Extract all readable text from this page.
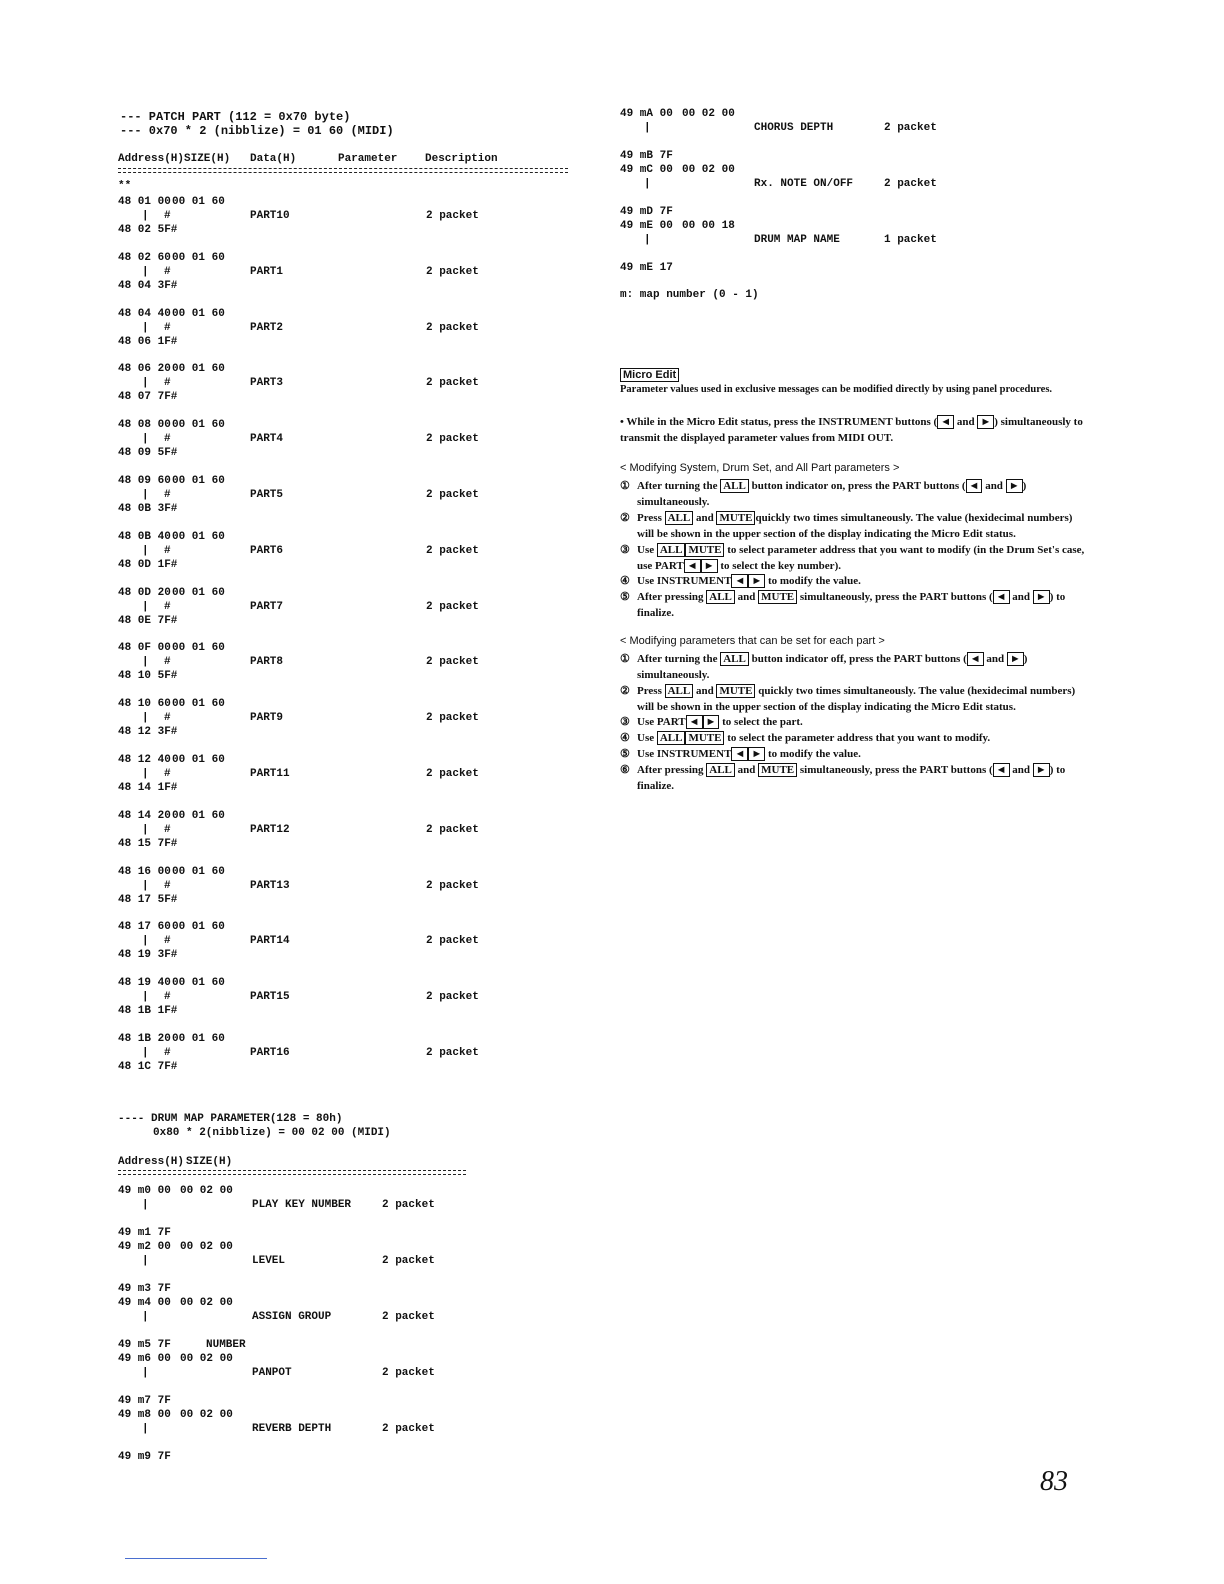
--- PATCH PART (112 = 0x70 byte)
--- 0x70 * 2 (nibblize) = 01 60 (MIDI)
Address(H) SIZE(H) Data(H)	Parameter	Description
**
48 01 00 00 01 60
|	PART10	2 packet
48 02 5F#
#
48 02 60 00 01 60
|	PART1	2 packet
48 04 3F#
#
48 04 40 00 01 60
|	PART2	2 packet
48 06 1F#
#
48 06 20 00 01 60
|	PART3	2 packet
48 07 7F#
#
48 08 00 00 01 60
|	PART4	2 packet
48 09 5F#
#
48 09 60 00 01 60
|	PART5	2 packet
48 0B 3F#
#
48 0B 40 00 01 60
|	PART6	2 packet
48 0D 1F#
#
48 0D 20 00 01 60
|	PART7	2 packet
48 0E 7F#
#
48 0F 00 00 01 60
|	PART8	2 packet
48 10 5F#
#
48 10 60 00 01 60
|	PART9	2 packet
48 12 3F#
#
48 12 40 00 01 60
|	PART11	2 packet
48 14 1F#
#
48 14 20 00 01 60
|	PART12	2 packet
48 15 7F#
#
48 16 00 00 01 60
|	PART13	2 packet
48 17 5F#
#
48 17 60 00 01 60
|	PART14	2 packet
48 19 3F#
#
48 19 40 00 01 60
|	PART15	2 packet
48 1B 1F#
#
48 1B 20 00 01 60
|	PART16	2 packet
48 1C 7F#
#
---- DRUM MAP PARAMETER(128 = 80h)
0x80 * 2(nibblize) = 00 02 00 (MIDI)
Address(H) SIZE(H)
49 m0 00 00 02 00
|	PLAY KEY NUMBER	2 packet
49 m1 7F
49 m2 00 00 02 00
|	LEVEL	2 packet
49 m3 7F
49 m4 00 00 02 00
|	ASSIGN GROUP	2 packet
49 m5 7F	NUMBER
49 m6 00 00 02 00
|	PANPOT	2 packet
49 m7 7F
49 m8 00 00 02 00
|	REVERB DEPTH	2 packet
49 m9 7F
49 mA 00 00 02 00
|	CHORUS DEPTH	2 packet
49 mB 7F
49 mC 00 00 02 00
|	Rx. NOTE ON/OFF	2 packet
49 mD 7F
49 mE 00 00 00 18
|	DRUM MAP NAME	1 packet
49 mE 17
m: map number (0 - 1)
Micro Edit
Parameter values used in exclusive messages can be modified directly by using panel procedures.
• While in the Micro Edit status, press the INSTRUMENT buttons ( ◄ and ► ) simultaneously to transmit the displayed parameter values from MIDI OUT.
< Modifying System, Drum Set, and All Part parameters >
① After turning the ALL button indicator on, press the PART buttons ( ◄ and ► ) simultaneously.
② Press ALL and MUTE quickly two times simultaneously. The value (hexidecimal numbers) will be shown in the upper section of the display indicating the Micro Edit status.
③ Use ALL MUTE to select parameter address that you want to modify (in the Drum Set's case, use PART ◄ ► to select the key number).
④ Use INSTRUMENT ◄ ► to modify the value.
⑤ After pressing ALL and MUTE simultaneously, press the PART buttons ( ◄ and ► ) to finalize.
< Modifying parameters that can be set for each part >
① After turning the ALL button indicator off, press the PART buttons ( ◄ and ► ) simultaneously.
② Press ALL and MUTE quickly two times simultaneously. The value (hexidecimal numbers) will be shown in the upper section of the display indicating the Micro Edit status.
③ Use PART ◄ ► to select the part.
④ Use ALL MUTE to select the parameter address that you want to modify.
⑤ Use INSTRUMENT ◄ ► to modify the value.
⑥ After pressing ALL and MUTE simultaneously, press the PART buttons ( ◄ and ► ) to finalize.
83
